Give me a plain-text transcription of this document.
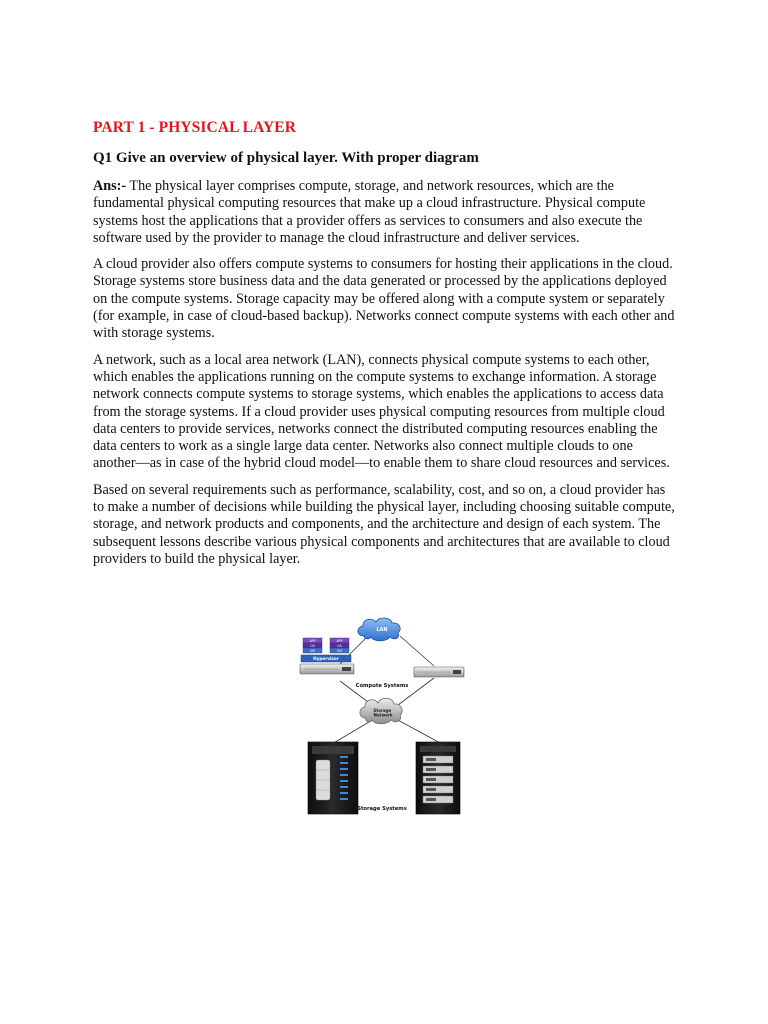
PART 1 - PHYSICAL LAYER
Q1 Give an overview of physical layer. With proper diagram

Ans:- The physical layer comprises compute, storage, and network resources, which are the fundamental physical computing resources that make up a cloud infrastructure. Physical compute systems host the applications that a provider offers as services to consumers and also execute the software used by the provider to manage the cloud infrastructure and deliver services.

A cloud provider also offers compute systems to consumers for hosting their applications in the cloud. Storage systems store business data and the data generated or processed by the applications deployed on the compute systems. Storage capacity may be offered along with a compute system or separately (for example, in case of cloud-based backup). Networks connect compute systems with each other and with storage systems.

A network, such as a local area network (LAN), connects physical compute systems to each other, which enables the applications running on the compute systems to exchange information. A storage network connects compute systems to storage systems, which enables the applications to access data from the storage systems. If a cloud provider uses physical computing resources from multiple cloud data centers to provide services, networks connect the distributed computing resources enabling the data centers to work as a single large data center. Networks also connect multiple clouds to one another—as in case of the hybrid cloud model—to enable them to share cloud resources and services.

Based on several requirements such as performance, scalability, cost, and so on, a cloud provider has to make a number of decisions while building the physical layer, including choosing suitable compute, storage, and network products and components, and the architecture and design of each system. The subsequent lessons describe various physical components and architectures that are available to cloud providers to build the physical layer.

LAN
APP
OS
VM
APP
OS
VM
Hypervisor
Compute Systems
Storage Network
Storage Systems
